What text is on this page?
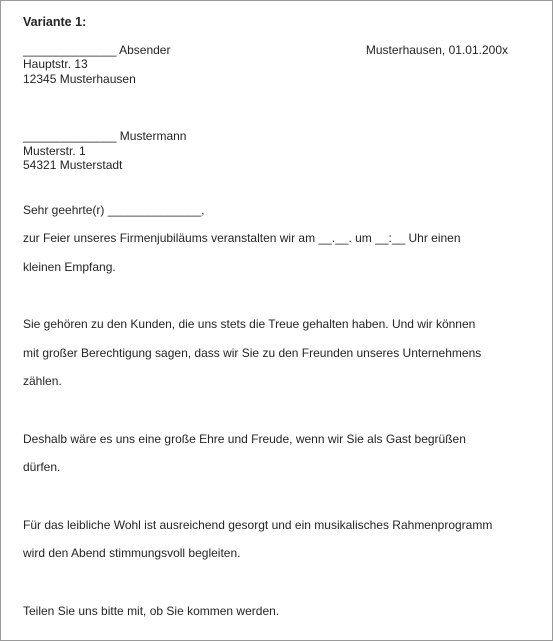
Variante 1:
______________ Absender	Musterhausen, 01.01.200x
Hauptstr. 13
12345 Musterhausen
______________ Mustermann
Musterstr. 1
54321 Musterstadt
Sehr geehrte(r) ______________,
zur Feier unseres Firmenjubiläums veranstalten wir am __.__. um __:__ Uhr einen
kleinen Empfang.
Sie gehören zu den Kunden, die uns stets die Treue gehalten haben. Und wir können
mit großer Berechtigung sagen, dass wir Sie zu den Freunden unseres Unternehmens
zählen.
Deshalb wäre es uns eine große Ehre und Freude, wenn wir Sie als Gast begrüßen
dürfen.
Für das leibliche Wohl ist ausreichend gesorgt und ein musikalisches Rahmenprogramm
wird den Abend stimmungsvoll begleiten.
Teilen Sie uns bitte mit, ob Sie kommen werden.
